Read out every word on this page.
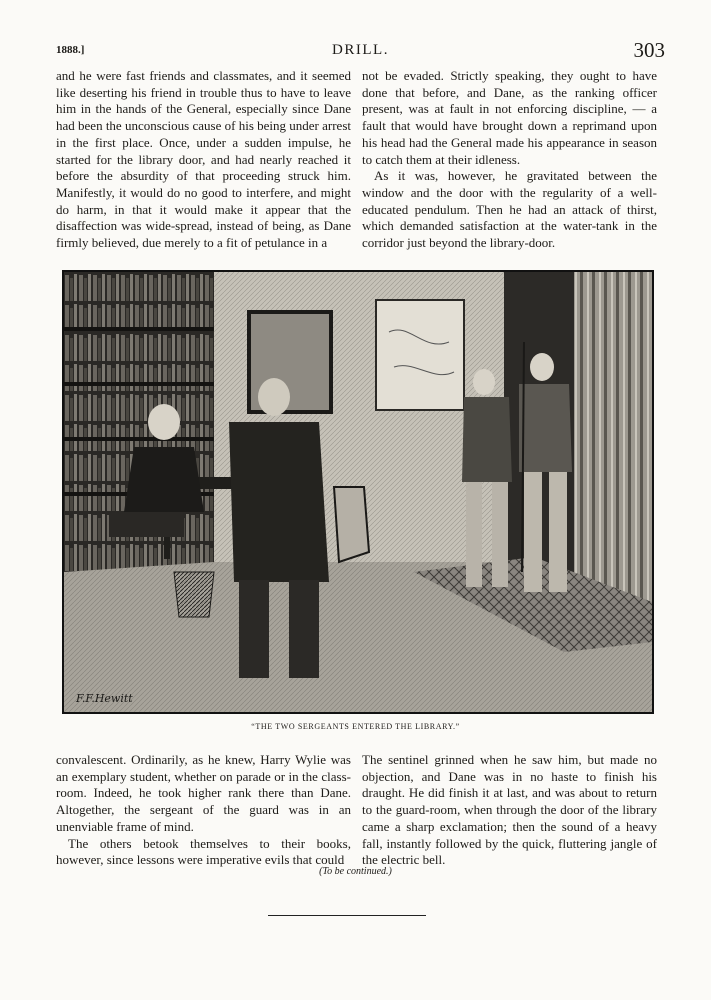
1888.]	DRILL.	303

and he were fast friends and classmates, and it seemed like deserting his friend in trouble thus to have to leave him in the hands of the General, especially since Dane had been the unconscious cause of his being under arrest in the first place. Once, under a sudden impulse, he started for the library door, and had nearly reached it before the absurdity of that proceeding struck him. Manifestly, it would do no good to interfere, and might do harm, in that it would make it appear that the disaffection was wide-spread, instead of being, as Dane firmly believed, due merely to a fit of petulance in a

not be evaded. Strictly speaking, they ought to have done that before, and Dane, as the ranking officer present, was at fault in not enforcing discipline, — a fault that would have brought down a reprimand upon his head had the General made his appearance in season to catch them at their idleness.

As it was, however, he gravitated between the window and the door with the regularity of a well-educated pendulum. Then he had an attack of thirst, which demanded satisfaction at the water-tank in the corridor just beyond the library-door.

F.F.Hewitt
“THE TWO SERGEANTS ENTERED THE LIBRARY.”

convalescent. Ordinarily, as he knew, Harry Wylie was an exemplary student, whether on parade or in the class-room. Indeed, he took higher rank there than Dane. Altogether, the sergeant of the guard was in an unenviable frame of mind.

The others betook themselves to their books, however, since lessons were imperative evils that could

The sentinel grinned when he saw him, but made no objection, and Dane was in no haste to finish his draught. He did finish it at last, and was about to return to the guard-room, when through the door of the library came a sharp exclamation; then the sound of a heavy fall, instantly followed by the quick, fluttering jangle of the electric bell.

(To be continued.)
